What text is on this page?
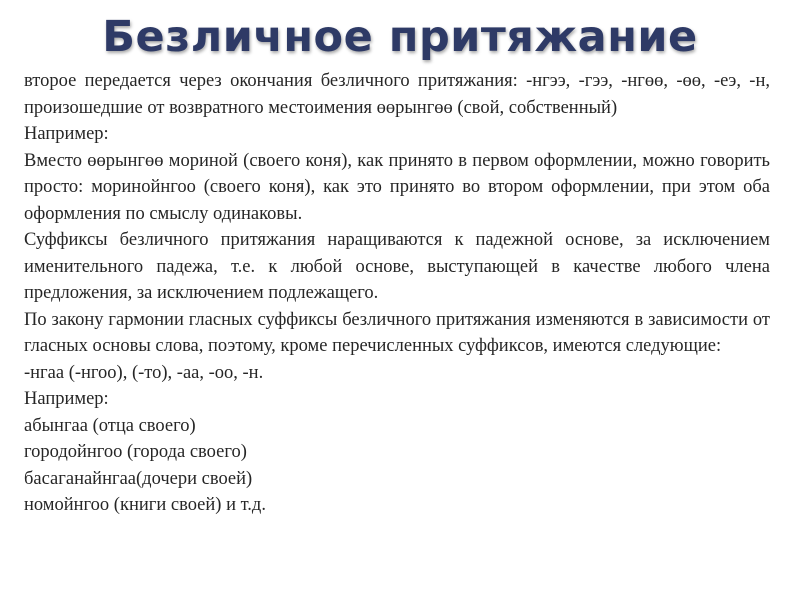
Безличное притяжание

второе передается через окончания безличного притяжания: -нгээ, -гээ, -нгөө, -өө, -еэ, -н, произошедшие от возвратного местоимения өөрынгөө (свой, собственный)

Например:

Вместо өөрынгөө мориной (своего коня), как принято в первом оформлении, можно говорить просто: моринойнгоо (своего коня), как это принято во втором оформлении, при этом оба оформления по смыслу одинаковы.

Суффиксы безличного притяжания наращиваются к падежной основе, за исключением именительного падежа, т.е. к любой основе, выступающей в качестве любого члена предложения, за исключением подлежащего.

По закону гармонии гласных суффиксы безличного притяжания изменяются в зависимости от гласных основы слова, поэтому, кроме перечисленных суффиксов, имеются следующие:

-нгаа (-нгоо), (-то), -аа, -оо, -н.

Например:

абынгаа (отца своего)

городойнгоо (города своего)

басаганайнгаа(дочери своей)

номойнгоо (книги своей) и т.д.
